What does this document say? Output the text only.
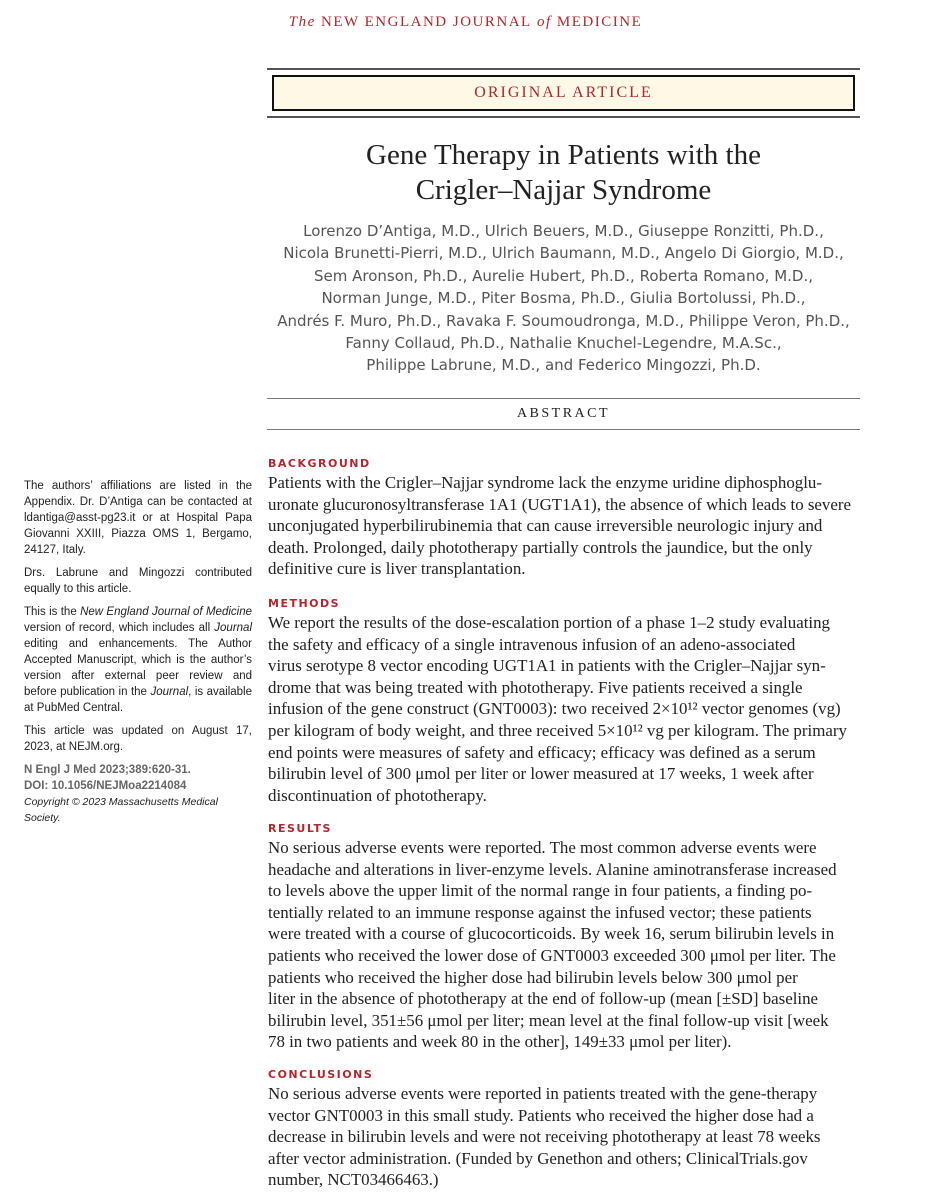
The NEW ENGLAND JOURNAL of MEDICINE
ORIGINAL ARTICLE
Gene Therapy in Patients with the
Crigler–Najjar Syndrome
Lorenzo D’Antiga, M.D., Ulrich Beuers, M.D., Giuseppe Ronzitti, Ph.D.,
Nicola Brunetti-Pierri, M.D., Ulrich Baumann, M.D., Angelo Di Giorgio, M.D.,
Sem Aronson, Ph.D., Aurelie Hubert, Ph.D., Roberta Romano, M.D.,
Norman Junge, M.D., Piter Bosma, Ph.D., Giulia Bortolussi, Ph.D.,
Andrés F. Muro, Ph.D., Ravaka F. Soumoudronga, M.D., Philippe Veron, Ph.D.,
Fanny Collaud, Ph.D., Nathalie Knuchel-Legendre, M.A.Sc.,
Philippe Labrune, M.D., and Federico Mingozzi, Ph.D.
ABSTRACT

The authors’ affiliations are listed in the Appendix. Dr. D’Antiga can be contacted at ldantiga@asst-pg23.it or at Hospital Papa Giovanni XXIII, Piazza OMS 1, Bergamo, 24127, Italy.

Drs. Labrune and Mingozzi contributed equally to this article.

This is the New England Journal of Medicine version of record, which includes all Journal editing and enhancements. The Author Accepted Manuscript, which is the author’s version after external peer review and before publication in the Journal, is available at PubMed Central.

This article was updated on August 17, 2023, at NEJM.org.

N Engl J Med 2023;389:620-31.

DOI: 10.1056/NEJMoa2214084

Copyright © 2023 Massachusetts Medical Society.

BACKGROUND
Patients with the Crigler–Najjar syndrome lack the enzyme uridine diphosphoglu-
uronate glucuronosyltransferase 1A1 (UGT1A1), the absence of which leads to severe
unconjugated hyperbilirubinemia that can cause irreversible neurologic injury and
death. Prolonged, daily phototherapy partially controls the jaundice, but the only
definitive cure is liver transplantation.
METHODS
We report the results of the dose-escalation portion of a phase 1–2 study evaluating
the safety and efficacy of a single intravenous infusion of an adeno-associated
virus serotype 8 vector encoding UGT1A1 in patients with the Crigler–Najjar syn-
drome that was being treated with phototherapy. Five patients received a single
infusion of the gene construct (GNT0003): two received 2×10¹² vector genomes (vg)
per kilogram of body weight, and three received 5×10¹² vg per kilogram. The primary
end points were measures of safety and efficacy; efficacy was defined as a serum
bilirubin level of 300 μmol per liter or lower measured at 17 weeks, 1 week after
discontinuation of phototherapy.
RESULTS
No serious adverse events were reported. The most common adverse events were
headache and alterations in liver-enzyme levels. Alanine aminotransferase increased
to levels above the upper limit of the normal range in four patients, a finding po-
tentially related to an immune response against the infused vector; these patients
were treated with a course of glucocorticoids. By week 16, serum bilirubin levels in
patients who received the lower dose of GNT0003 exceeded 300 μmol per liter. The
patients who received the higher dose had bilirubin levels below 300 μmol per
liter in the absence of phototherapy at the end of follow-up (mean [±SD] baseline
bilirubin level, 351±56 μmol per liter; mean level at the final follow-up visit [week
78 in two patients and week 80 in the other], 149±33 μmol per liter).
CONCLUSIONS
No serious adverse events were reported in patients treated with the gene-therapy
vector GNT0003 in this small study. Patients who received the higher dose had a
decrease in bilirubin levels and were not receiving phototherapy at least 78 weeks
after vector administration. (Funded by Genethon and others; ClinicalTrials.gov
number, NCT03466463.)
